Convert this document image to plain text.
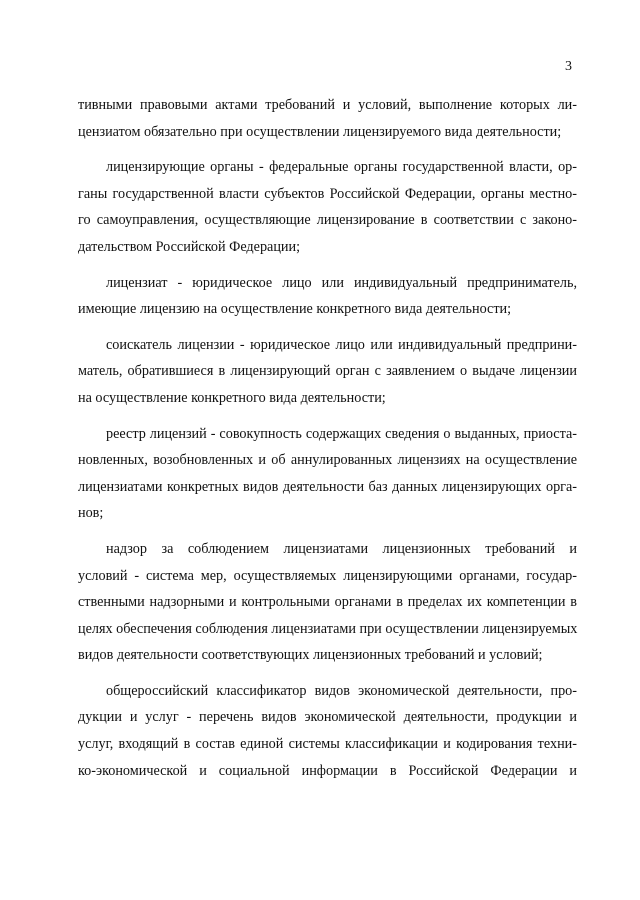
3
тивными правовыми актами требований и условий, выполнение которых ли-
цензиатом обязательно при осуществлении лицензируемого вида деятельности;
лицензирующие органы - федеральные органы государственной власти, ор-
ганы государственной власти субъектов Российской Федерации, органы местно-
го самоуправления, осуществляющие лицензирование в соответствии с законо-
дательством Российской Федерации;
лицензиат - юридическое лицо или индивидуальный предприниматель,
имеющие лицензию на осуществление конкретного вида деятельности;
соискатель лицензии - юридическое лицо или индивидуальный предприни-
матель, обратившиеся в лицензирующий орган с заявлением о выдаче лицензии
на осуществление конкретного вида деятельности;
реестр лицензий - совокупность содержащих сведения о выданных, приоста-
новленных, возобновленных и об аннулированных лицензиях на осуществление
лицензиатами конкретных видов деятельности баз данных лицензирующих орга-
нов;
надзор за соблюдением лицензиатами лицензионных требований и
условий - система мер, осуществляемых лицензирующими органами, государ-
ственными надзорными и контрольными органами в пределах их компетенции в
целях обеспечения соблюдения лицензиатами при осуществлении лицензируемых
видов деятельности соответствующих лицензионных требований и условий;
общероссийский классификатор видов экономической деятельности, про-
дукции и услуг - перечень видов экономической деятельности, продукции и
услуг, входящий в состав единой системы классификации и кодирования техни-
ко-экономической и социальной информации в Российской Федерации и
